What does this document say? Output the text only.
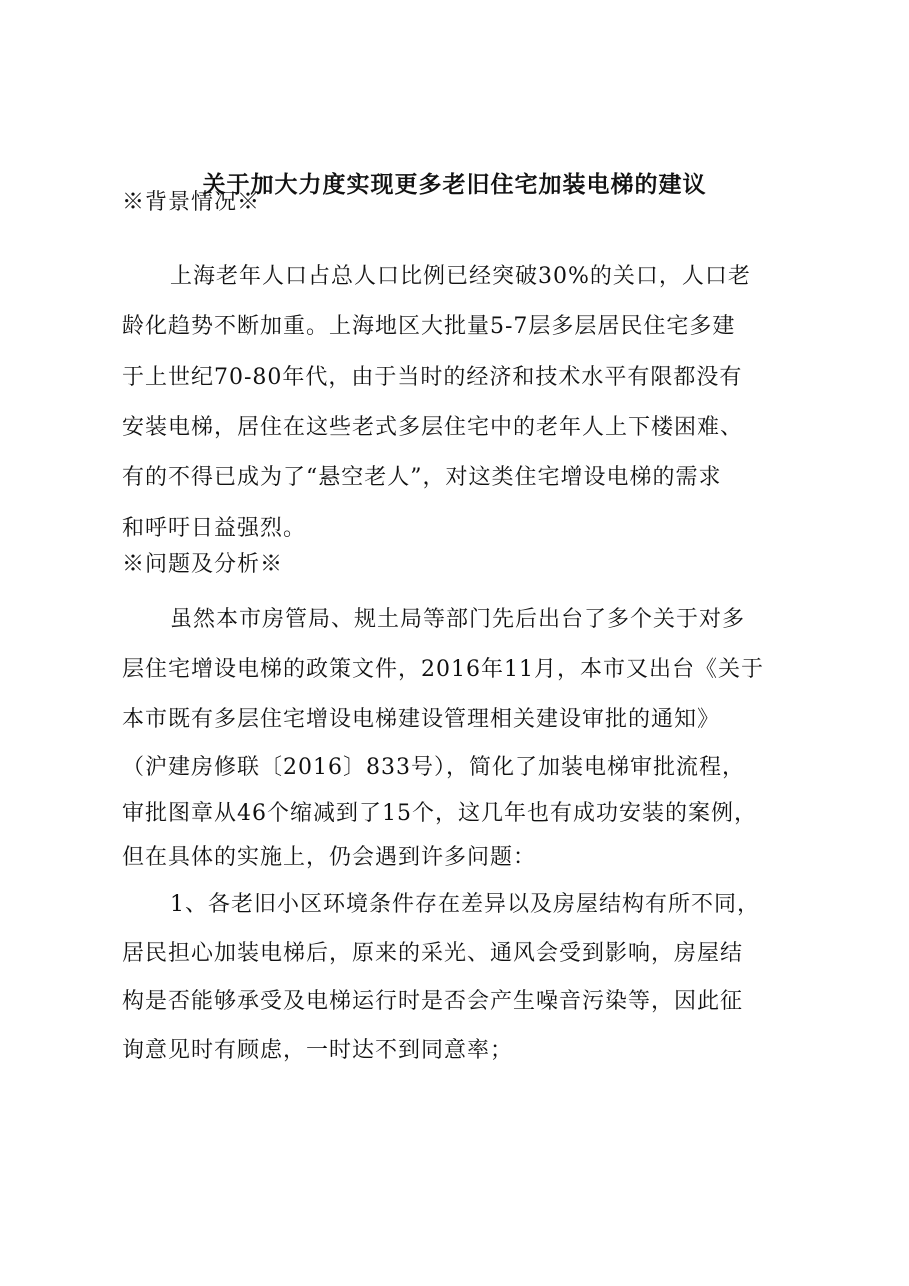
关于加大力度实现更多老旧住宅加装电梯的建议
※背景情况※
上海老年人口占总人口比例已经突破30%的关口，人口老
龄化趋势不断加重。上海地区大批量5-7层多层居民住宅多建
于上世纪70-80年代，由于当时的经济和技术水平有限都没有
安装电梯，居住在这些老式多层住宅中的老年人上下楼困难、
有的不得已成为了“悬空老人”，对这类住宅增设电梯的需求
和呼吁日益强烈。
※问题及分析※
虽然本市房管局、规土局等部门先后出台了多个关于对多
层住宅增设电梯的政策文件，2016年11月，本市又出台《关于
本市既有多层住宅增设电梯建设管理相关建设审批的通知》
（沪建房修联〔2016〕833号），简化了加装电梯审批流程，
审批图章从46个缩减到了15个，这几年也有成功安装的案例，
但在具体的实施上，仍会遇到许多问题：
1、各老旧小区环境条件存在差异以及房屋结构有所不同，
居民担心加装电梯后，原来的采光、通风会受到影响，房屋结
构是否能够承受及电梯运行时是否会产生噪音污染等，因此征
询意见时有顾虑，一时达不到同意率；
